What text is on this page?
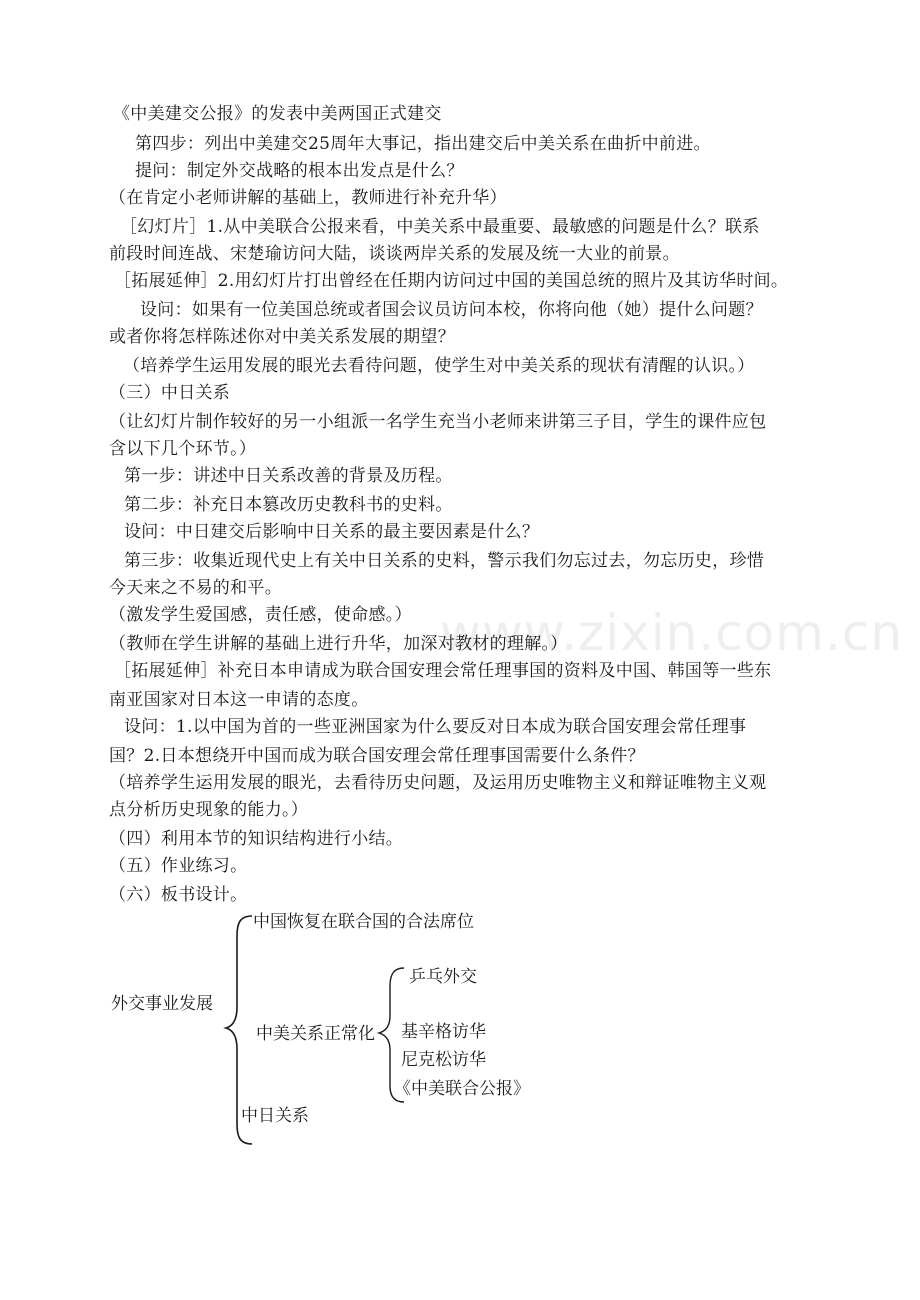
www.zixin.com.cn
《中美建交公报》的发表中美两国正式建交
第四步：列出中美建交25周年大事记，指出建交后中美关系在曲折中前进。
提问：制定外交战略的根本出发点是什么？
（在肯定小老师讲解的基础上，教师进行补充升华）
［幻灯片］1.从中美联合公报来看，中美关系中最重要、最敏感的问题是什么？联系
前段时间连战、宋楚瑜访问大陆，谈谈两岸关系的发展及统一大业的前景。
［拓展延伸］2.用幻灯片打出曾经在任期内访问过中国的美国总统的照片及其访华时间。
设问：如果有一位美国总统或者国会议员访问本校，你将向他（她）提什么问题？
或者你将怎样陈述你对中美关系发展的期望？
（培养学生运用发展的眼光去看待问题，使学生对中美关系的现状有清醒的认识。）
（三）中日关系
（让幻灯片制作较好的另一小组派一名学生充当小老师来讲第三子目，学生的课件应包
含以下几个环节。）
第一步：讲述中日关系改善的背景及历程。
第二步：补充日本篡改历史教科书的史料。
设问：中日建交后影响中日关系的最主要因素是什么？
第三步：收集近现代史上有关中日关系的史料，警示我们勿忘过去，勿忘历史，珍惜
今天来之不易的和平。
（激发学生爱国感，责任感，使命感。）
（教师在学生讲解的基础上进行升华，加深对教材的理解。）
［拓展延伸］补充日本申请成为联合国安理会常任理事国的资料及中国、韩国等一些东
南亚国家对日本这一申请的态度。
设问：1.以中国为首的一些亚洲国家为什么要反对日本成为联合国安理会常任理事
国？2.日本想绕开中国而成为联合国安理会常任理事国需要什么条件？
（培养学生运用发展的眼光，去看待历史问题，及运用历史唯物主义和辩证唯物主义观
点分析历史现象的能力。）
（四）利用本节的知识结构进行小结。
（五）作业练习。
（六）板书设计。
外交事业发展
中国恢复在联合国的合法席位
中美关系正常化
乒乓外交
基辛格访华
尼克松访华
《中美联合公报》
中日关系
